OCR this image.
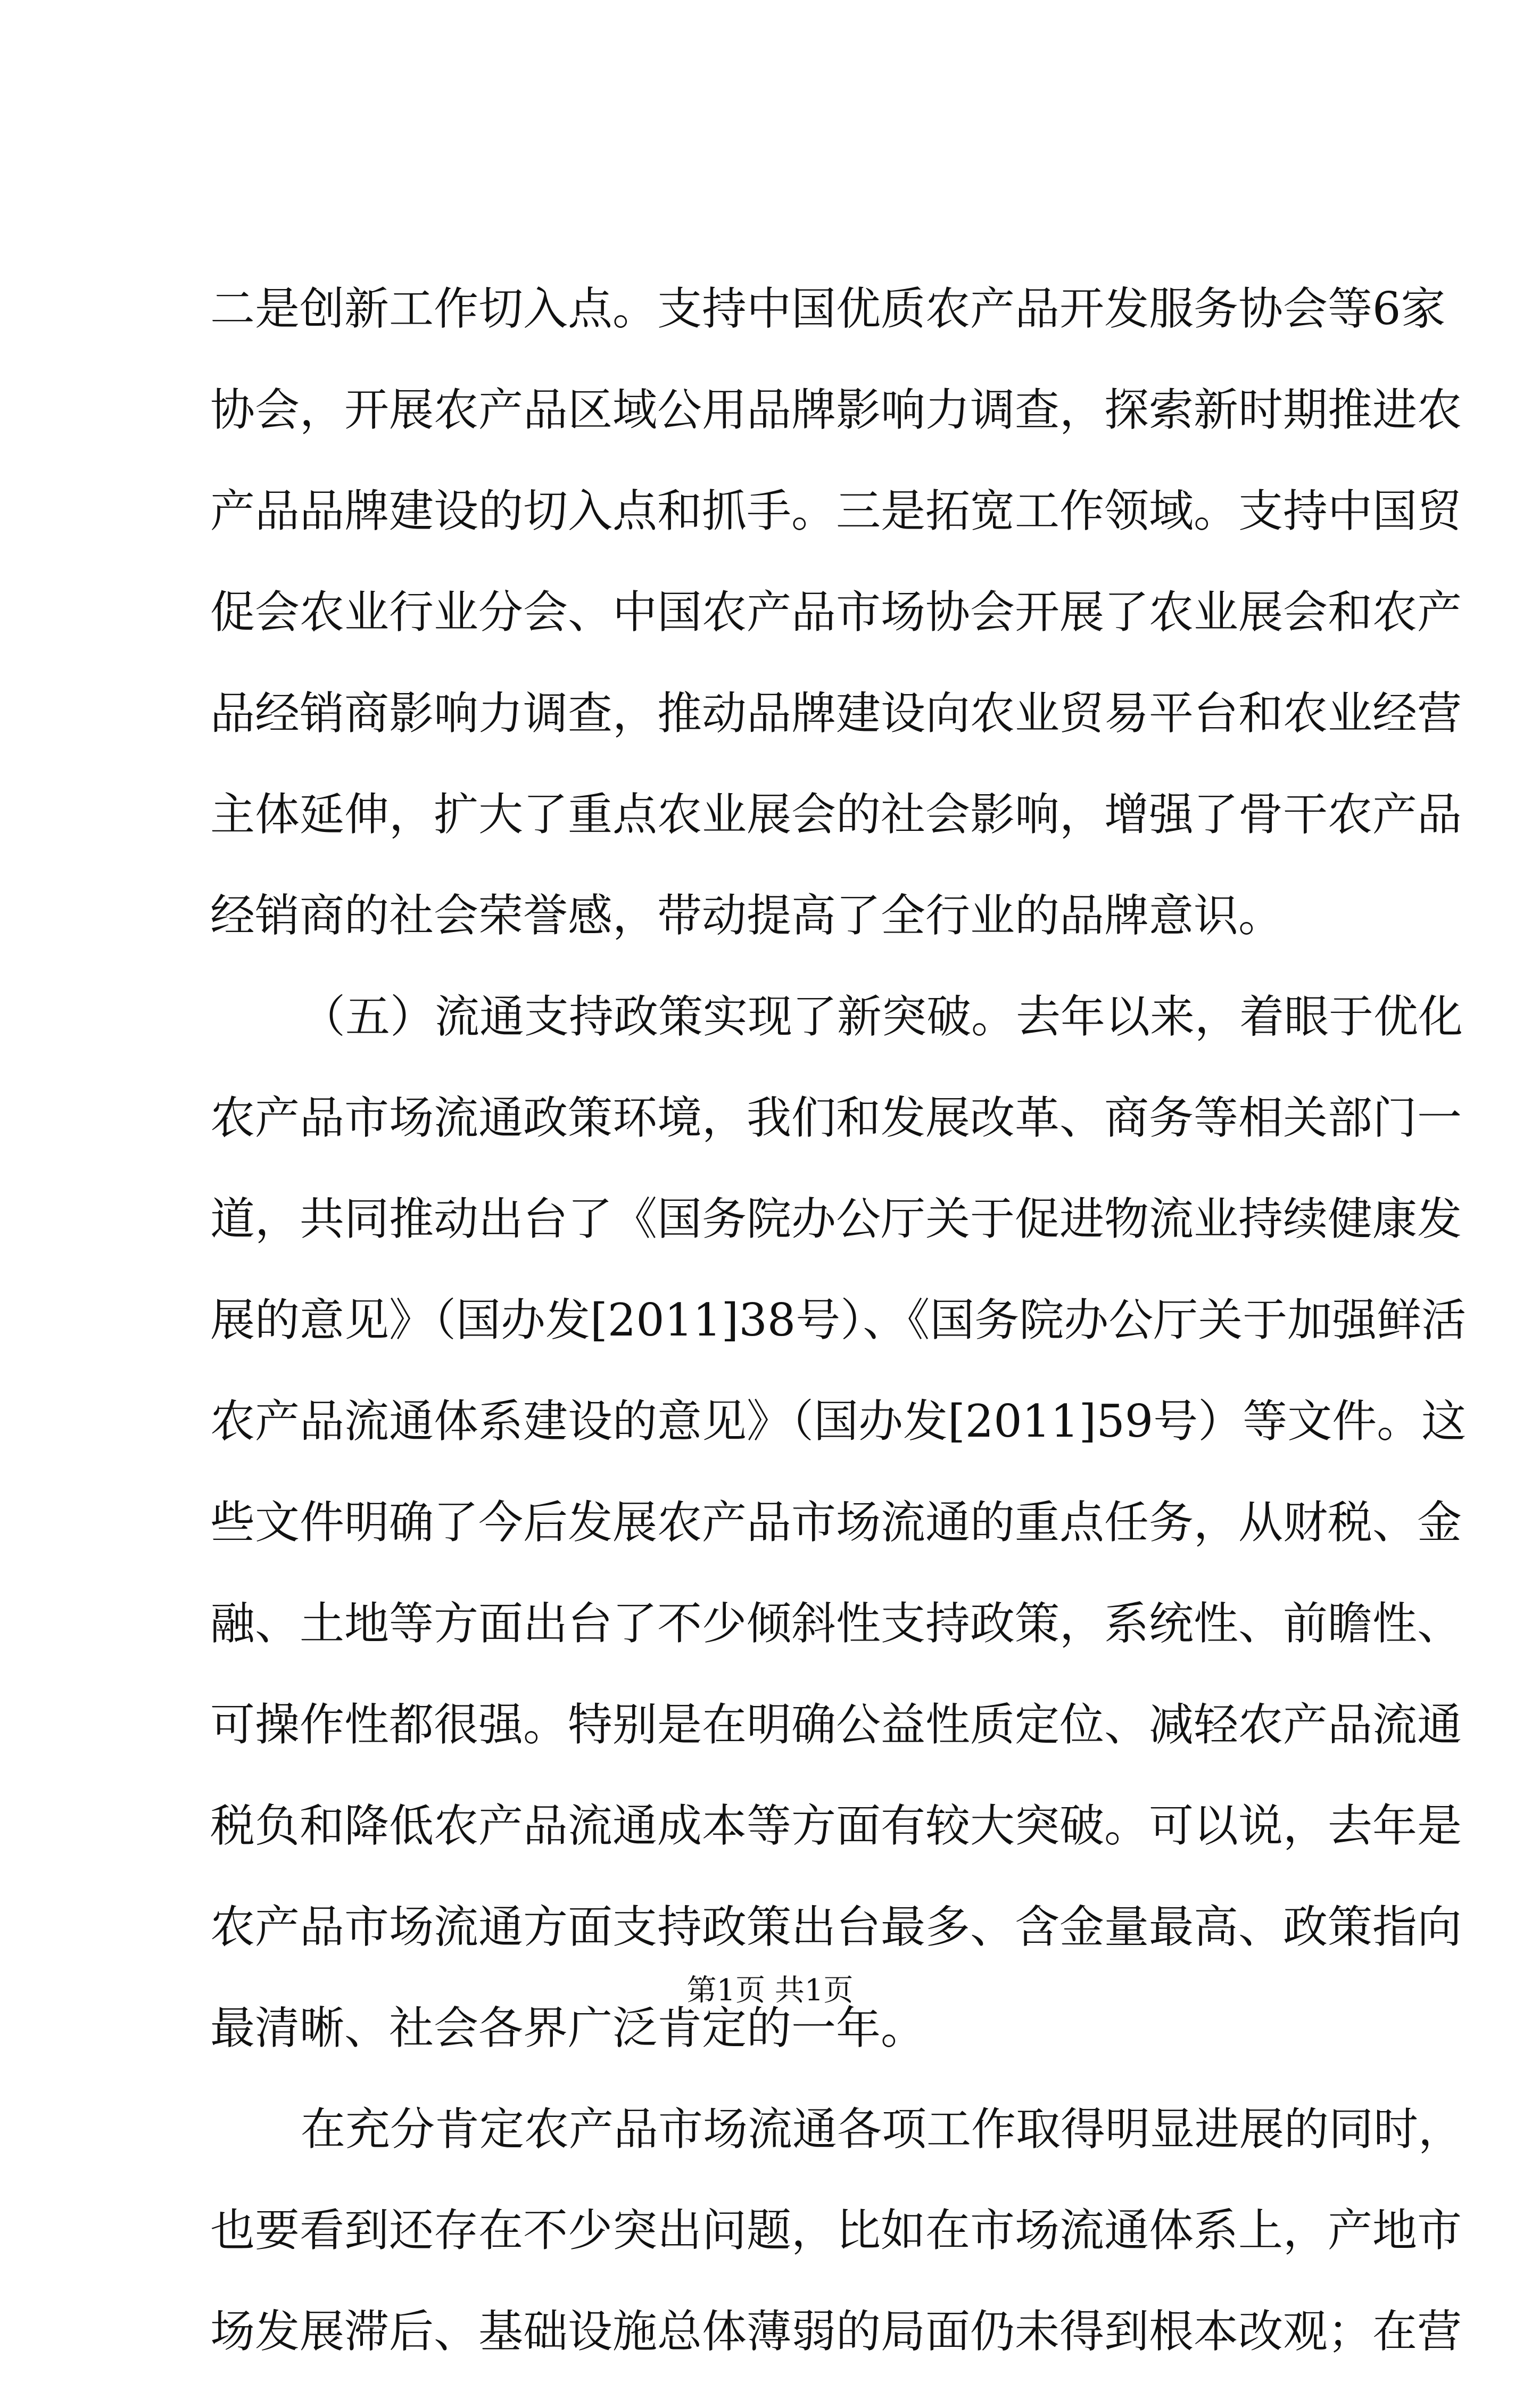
二是创新工作切入点。支持中国优质农产品开发服务协会等6家
协会，开展农产品区域公用品牌影响力调查，探索新时期推进农
产品品牌建设的切入点和抓手。三是拓宽工作领域。支持中国贸
促会农业行业分会、中国农产品市场协会开展了农业展会和农产
品经销商影响力调查，推动品牌建设向农业贸易平台和农业经营
主体延伸，扩大了重点农业展会的社会影响，增强了骨干农产品
经销商的社会荣誉感，带动提高了全行业的品牌意识。
（五）流通支持政策实现了新突破。去年以来，着眼于优化
农产品市场流通政策环境，我们和发展改革、商务等相关部门一
道，共同推动出台了《国务院办公厅关于促进物流业持续健康发
展的意见》（国办发[2011]38号）、《国务院办公厅关于加强鲜活
农产品流通体系建设的意见》（国办发[2011]59号）等文件。这
些文件明确了今后发展农产品市场流通的重点任务，从财税、金
融、土地等方面出台了不少倾斜性支持政策，系统性、前瞻性、
可操作性都很强。特别是在明确公益性质定位、减轻农产品流通
税负和降低农产品流通成本等方面有较大突破。可以说，去年是
农产品市场流通方面支持政策出台最多、含金量最高、政策指向
最清晰、社会各界广泛肯定的一年。
在充分肯定农产品市场流通各项工作取得明显进展的同时，
也要看到还存在不少突出问题，比如在市场流通体系上，产地市
场发展滞后、基础设施总体薄弱的局面仍未得到根本改观；在营
第1页 共1页
